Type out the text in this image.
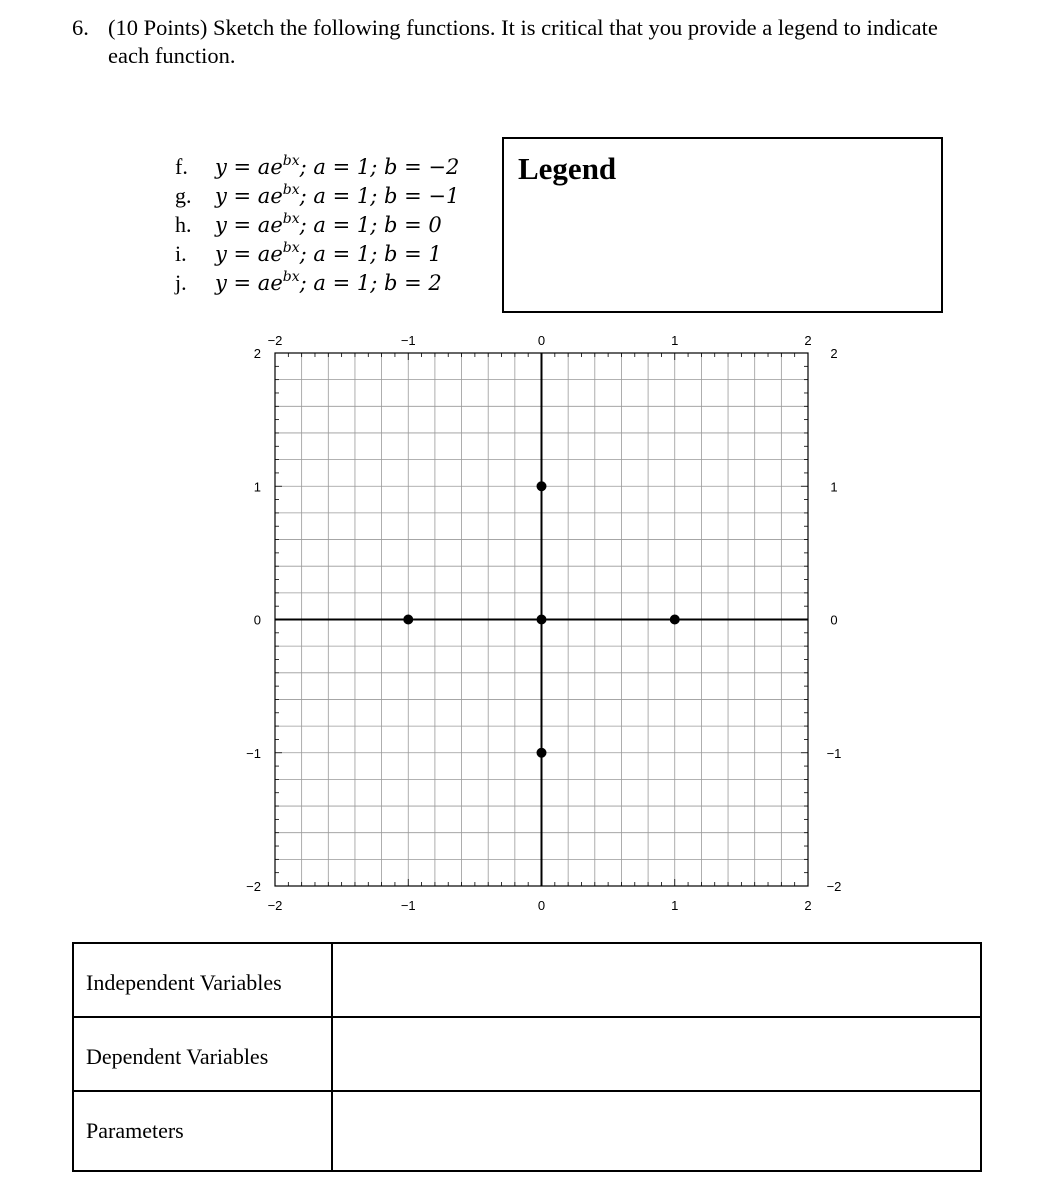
6. (10 Points) Sketch the following functions. It is critical that you provide a legend to indicate
each function.
f. $y = ae^{bx}$; a = 1; b = −2
g. $y = ae^{bx}$; a = 1; b = −1
h. $y = ae^{bx}$; a = 1; b = 0
i. $y = ae^{bx}$; a = 1; b = 1
j. $y = ae^{bx}$; a = 1; b = 2
Legend
−2
−2
−1
−1
0
0
1
1
2
2
2	2
1	1
0	0
−1	−1
−2	−2
Independent Variables	
Dependent Variables	
Parameters	
